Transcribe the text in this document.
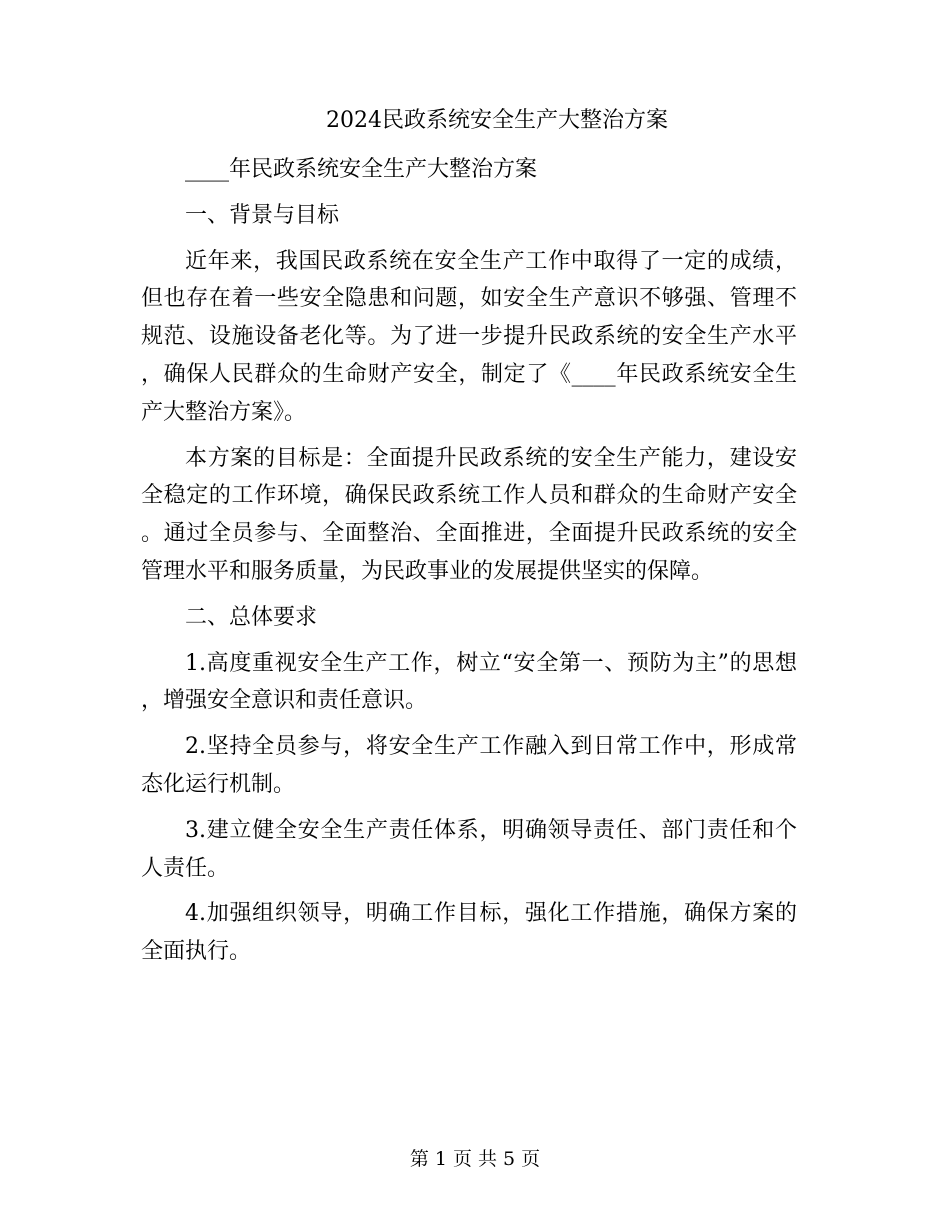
2024民政系统安全生产大整治方案

____年民政系统安全生产大整治方案

一、背景与目标

近年来，我国民政系统在安全生产工作中取得了一定的成绩，但也存在着一些安全隐患和问题，如安全生产意识不够强、管理不规范、设施设备老化等。为了进一步提升民政系统的安全生产水平，确保人民群众的生命财产安全，制定了《____年民政系统安全生产大整治方案》。

本方案的目标是：全面提升民政系统的安全生产能力，建设安全稳定的工作环境，确保民政系统工作人员和群众的生命财产安全。通过全员参与、全面整治、全面推进，全面提升民政系统的安全管理水平和服务质量，为民政事业的发展提供坚实的保障。

二、总体要求

1.高度重视安全生产工作，树立“安全第一、预防为主”的思想，增强安全意识和责任意识。

2.坚持全员参与，将安全生产工作融入到日常工作中，形成常态化运行机制。

3.建立健全安全生产责任体系，明确领导责任、部门责任和个人责任。

4.加强组织领导，明确工作目标，强化工作措施，确保方案的全面执行。

第 1 页 共 5 页
